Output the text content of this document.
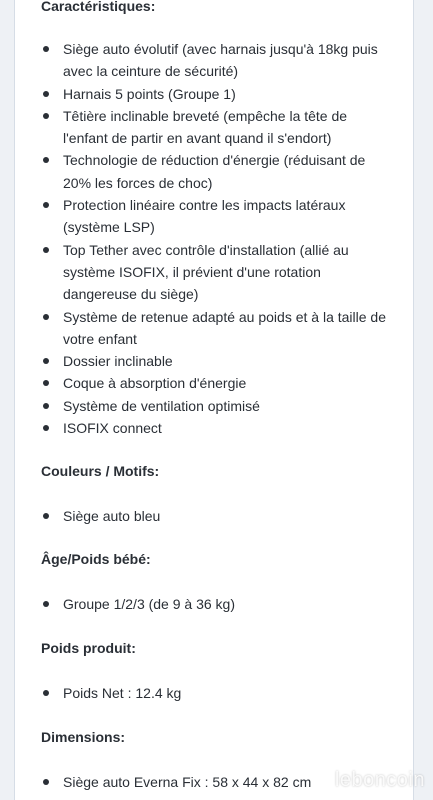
Caractéristiques:
Siège auto évolutif (avec harnais jusqu'à 18kg puis avec la ceinture de sécurité)
Harnais 5 points (Groupe 1)
Têtière inclinable breveté (empêche la tête de l'enfant de partir en avant quand il s'endort)
Technologie de réduction d'énergie (réduisant de 20% les forces de choc)
Protection linéaire contre les impacts latéraux (système LSP)
Top Tether avec contrôle d'installation (allié au système ISOFIX, il prévient d'une rotation dangereuse du siège)
Système de retenue adapté au poids et à la taille de votre enfant
Dossier inclinable
Coque à absorption d'énergie
Système de ventilation optimisé
ISOFIX connect
Couleurs / Motifs:
Siège auto bleu
Âge/Poids bébé:
Groupe 1/2/3 (de 9 à 36 kg)
Poids produit:
Poids Net : 12.4 kg
Dimensions:
Siège auto Everna Fix : 58 x 44 x 82 cm	leboncoin
